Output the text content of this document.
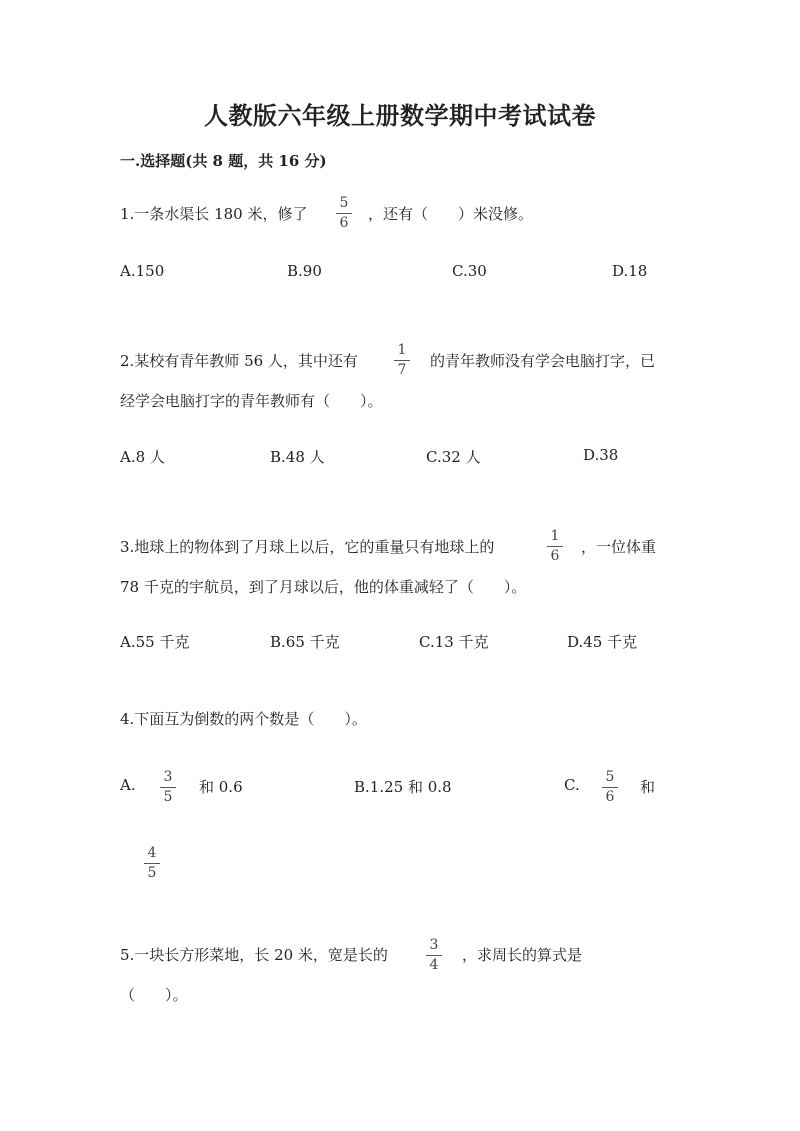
人教版六年级上册数学期中考试试卷
一.选择题(共 8 题，共 16 分)
1.一条水渠长 180 米，修了
5
6	，还有（　　）米没修。
A.150	B.90	C.30	D.18
2.某校有青年教师 56 人，其中还有
1
7	的青年教师没有学会电脑打字，已
经学会电脑打字的青年教师有（　　）。
A.8 人	B.48 人	C.32 人	D.38
3.地球上的物体到了月球上以后，它的重量只有地球上的
1
6	，一位体重
78 千克的宇航员，到了月球以后，他的体重减轻了（　　）。
A.55 千克	B.65 千克	C.13 千克	D.45 千克
4.下面互为倒数的两个数是（　　）。
A.	3
5
和 0.6	B.1.25 和 0.8	C.	5
6
和
4
5
5.一块长方形菜地，长 20 米，宽是长的
3
4
，求周长的算式是
（　　）。
